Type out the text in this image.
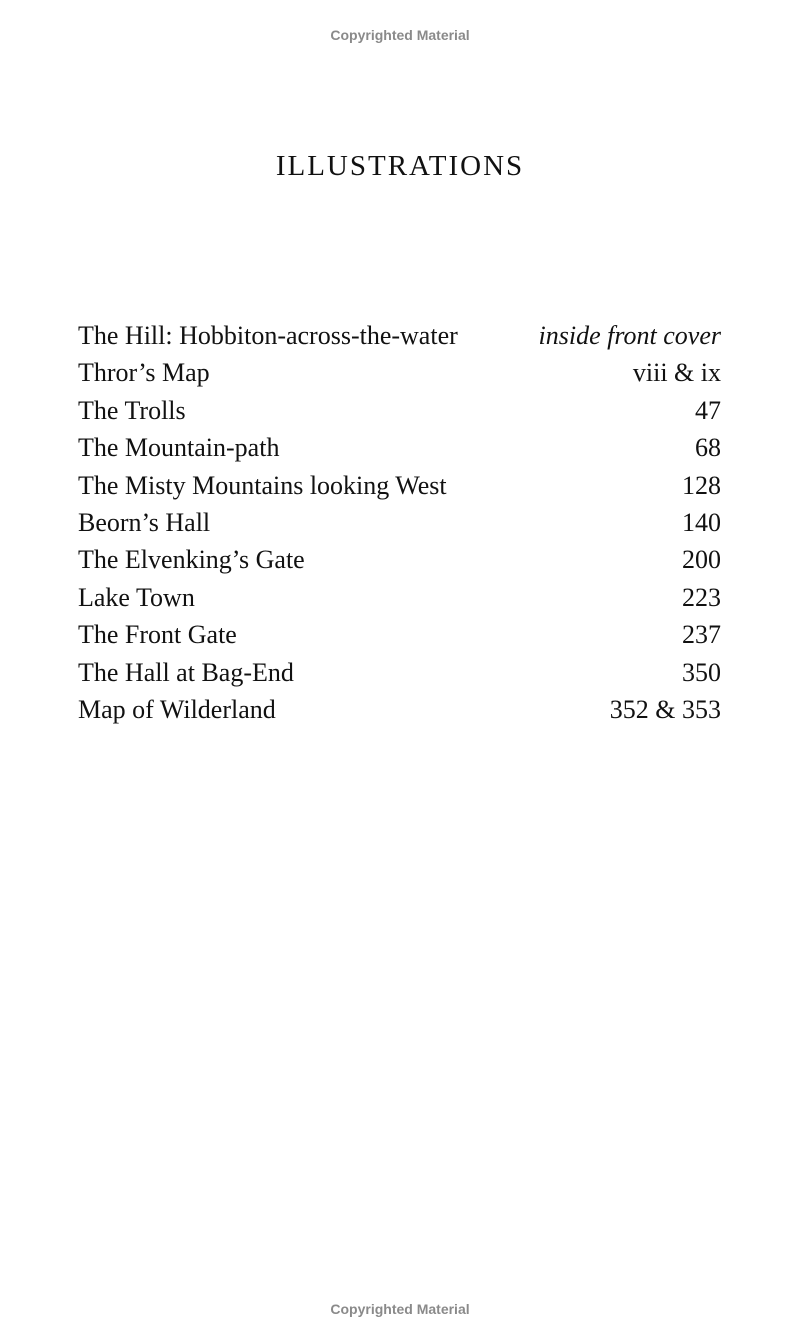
Copyrighted Material
ILLUSTRATIONS
The Hill: Hobbiton-across-the-water	inside front cover
Thror’s Map	viii & ix
The Trolls	47
The Mountain-path	68
The Misty Mountains looking West	128
Beorn’s Hall	140
The Elvenking’s Gate	200
Lake Town	223
The Front Gate	237
The Hall at Bag-End	350
Map of Wilderland	352 & 353
Copyrighted Material
